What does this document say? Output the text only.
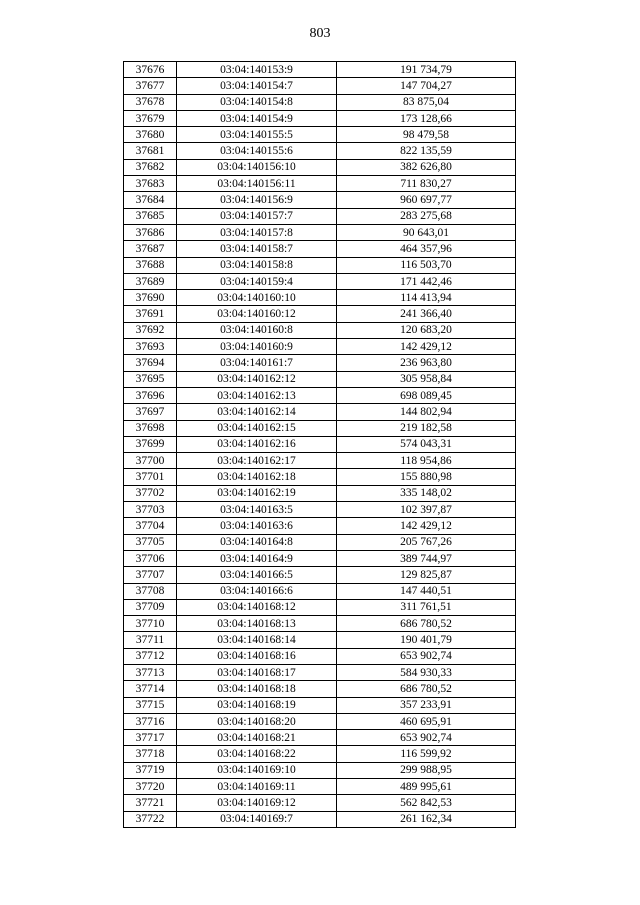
803
37676	03:04:140153:9	191 734,79
37677	03:04:140154:7	147 704,27
37678	03:04:140154:8	83 875,04
37679	03:04:140154:9	173 128,66
37680	03:04:140155:5	98 479,58
37681	03:04:140155:6	822 135,59
37682	03:04:140156:10	382 626,80
37683	03:04:140156:11	711 830,27
37684	03:04:140156:9	960 697,77
37685	03:04:140157:7	283 275,68
37686	03:04:140157:8	90 643,01
37687	03:04:140158:7	464 357,96
37688	03:04:140158:8	116 503,70
37689	03:04:140159:4	171 442,46
37690	03:04:140160:10	114 413,94
37691	03:04:140160:12	241 366,40
37692	03:04:140160:8	120 683,20
37693	03:04:140160:9	142 429,12
37694	03:04:140161:7	236 963,80
37695	03:04:140162:12	305 958,84
37696	03:04:140162:13	698 089,45
37697	03:04:140162:14	144 802,94
37698	03:04:140162:15	219 182,58
37699	03:04:140162:16	574 043,31
37700	03:04:140162:17	118 954,86
37701	03:04:140162:18	155 880,98
37702	03:04:140162:19	335 148,02
37703	03:04:140163:5	102 397,87
37704	03:04:140163:6	142 429,12
37705	03:04:140164:8	205 767,26
37706	03:04:140164:9	389 744,97
37707	03:04:140166:5	129 825,87
37708	03:04:140166:6	147 440,51
37709	03:04:140168:12	311 761,51
37710	03:04:140168:13	686 780,52
37711	03:04:140168:14	190 401,79
37712	03:04:140168:16	653 902,74
37713	03:04:140168:17	584 930,33
37714	03:04:140168:18	686 780,52
37715	03:04:140168:19	357 233,91
37716	03:04:140168:20	460 695,91
37717	03:04:140168:21	653 902,74
37718	03:04:140168:22	116 599,92
37719	03:04:140169:10	299 988,95
37720	03:04:140169:11	489 995,61
37721	03:04:140169:12	562 842,53
37722	03:04:140169:7	261 162,34
